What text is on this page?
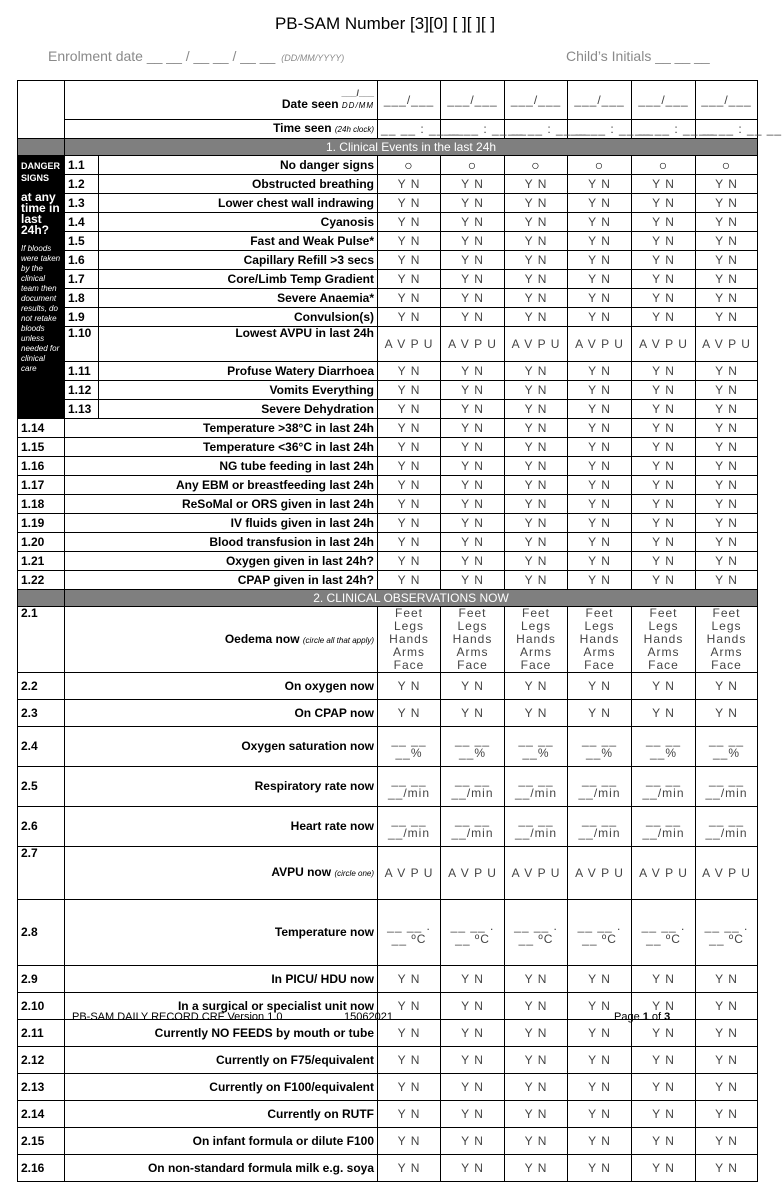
PB-SAM Number [3][0] [ ][ ][ ]
Enrolment date __ __ / __ __ / __ __ (DD/MM/YYYY)	Child’s Initials __ __ __

	___/___
Date seen DD/MM		___/___	___/___	___/___	___/___	___/___	___/___	
	Time seen (24h clock)		__ __ : __ __	__ __ : __ __	__ __ : __ __	__ __ : __ __	__ __ : __ __	__ __ : __ __	
	1. Clinical Events in the last 24h								

DANGER SIGNS
at any time in last 24h?
If bloods were taken by the clinical team then document results, do not retake bloods unless needed for clinical care	1.1	No danger signs	○	○	○	○	○	○	
	1.2	Obstructed breathing	Y N	Y N	Y N	Y N	Y N	Y N	
	1.3	Lower chest wall indrawing	Y N	Y N	Y N	Y N	Y N	Y N	
	1.4	Cyanosis	Y N	Y N	Y N	Y N	Y N	Y N	
	1.5	Fast and Weak Pulse*	Y N	Y N	Y N	Y N	Y N	Y N	
	1.6	Capillary Refill >3 secs	Y N	Y N	Y N	Y N	Y N	Y N	
	1.7	Core/Limb Temp Gradient	Y N	Y N	Y N	Y N	Y N	Y N	
	1.8	Severe Anaemia*	Y N	Y N	Y N	Y N	Y N	Y N	
	1.9	Convulsion(s)	Y N	Y N	Y N	Y N	Y N	Y N	
	1.10	Lowest AVPU in last 24h	A V P U	A V P U	A V P U	A V P U	A V P U	A V P U	
	1.11	Profuse Watery Diarrhoea	Y N	Y N	Y N	Y N	Y N	Y N	
	1.12	Vomits Everything	Y N	Y N	Y N	Y N	Y N	Y N	
	1.13	Severe Dehydration	Y N	Y N	Y N	Y N	Y N	Y N	
1.14	Temperature >38°C in last 24h		Y N	Y N	Y N	Y N	Y N	Y N	
1.15	Temperature <36°C in last 24h		Y N	Y N	Y N	Y N	Y N	Y N	
1.16	NG tube feeding in last 24h		Y N	Y N	Y N	Y N	Y N	Y N	
1.17	Any EBM or breastfeeding last 24h		Y N	Y N	Y N	Y N	Y N	Y N	
1.18	ReSoMal or ORS given in last 24h		Y N	Y N	Y N	Y N	Y N	Y N	
1.19	IV fluids given in last 24h		Y N	Y N	Y N	Y N	Y N	Y N	
1.20	Blood transfusion in last 24h		Y N	Y N	Y N	Y N	Y N	Y N	
1.21	Oxygen given in last 24h?		Y N	Y N	Y N	Y N	Y N	Y N	
1.22	CPAP given in last 24h?		Y N	Y N	Y N	Y N	Y N	Y N	
	2. CLINICAL OBSERVATIONS NOW								
2.1	Oedema now (circle all that apply)		Feet Legs Hands Arms Face	Feet Legs Hands Arms Face	Feet Legs Hands Arms Face	Feet Legs Hands Arms Face	Feet Legs Hands Arms Face	Feet Legs Hands Arms Face	
2.2	On oxygen now		Y N	Y N	Y N	Y N	Y N	Y N	
2.3	On CPAP now		Y N	Y N	Y N	Y N	Y N	Y N	
2.4	Oxygen saturation now		__ __ __%	__ __ __%	__ __ __%	__ __ __%	__ __ __%	__ __ __%	
2.5	Respiratory rate now		__ __ __/min	__ __ __/min	__ __ __/min	__ __ __/min	__ __ __/min	__ __ __/min	
2.6	Heart rate now		__ __ __/min	__ __ __/min	__ __ __/min	__ __ __/min	__ __ __/min	__ __ __/min	
2.7	AVPU now (circle one)		A V P U	A V P U	A V P U	A V P U	A V P U	A V P U	
2.8	Temperature now		__ __ . __ ºC	__ __ . __ ºC	__ __ . __ ºC	__ __ . __ ºC	__ __ . __ ºC	__ __ . __ ºC	
2.9	In PICU/ HDU now		Y N	Y N	Y N	Y N	Y N	Y N	
2.10	In a surgical or specialist unit now		Y N	Y N	Y N	Y N	Y N	Y N	
2.11	Currently NO FEEDS by mouth or tube		Y N	Y N	Y N	Y N	Y N	Y N	
2.12	Currently on F75/equivalent		Y N	Y N	Y N	Y N	Y N	Y N	
2.13	Currently on F100/equivalent		Y N	Y N	Y N	Y N	Y N	Y N	
2.14	Currently on RUTF		Y N	Y N	Y N	Y N	Y N	Y N	
2.15	On infant formula or dilute F100		Y N	Y N	Y N	Y N	Y N	Y N	
2.16	On non-standard formula milk e.g. soya		Y N	Y N	Y N	Y N	Y N	Y N	
PB-SAM DAILY RECORD CRF Version 1.0	15062021	Page 1 of 3
